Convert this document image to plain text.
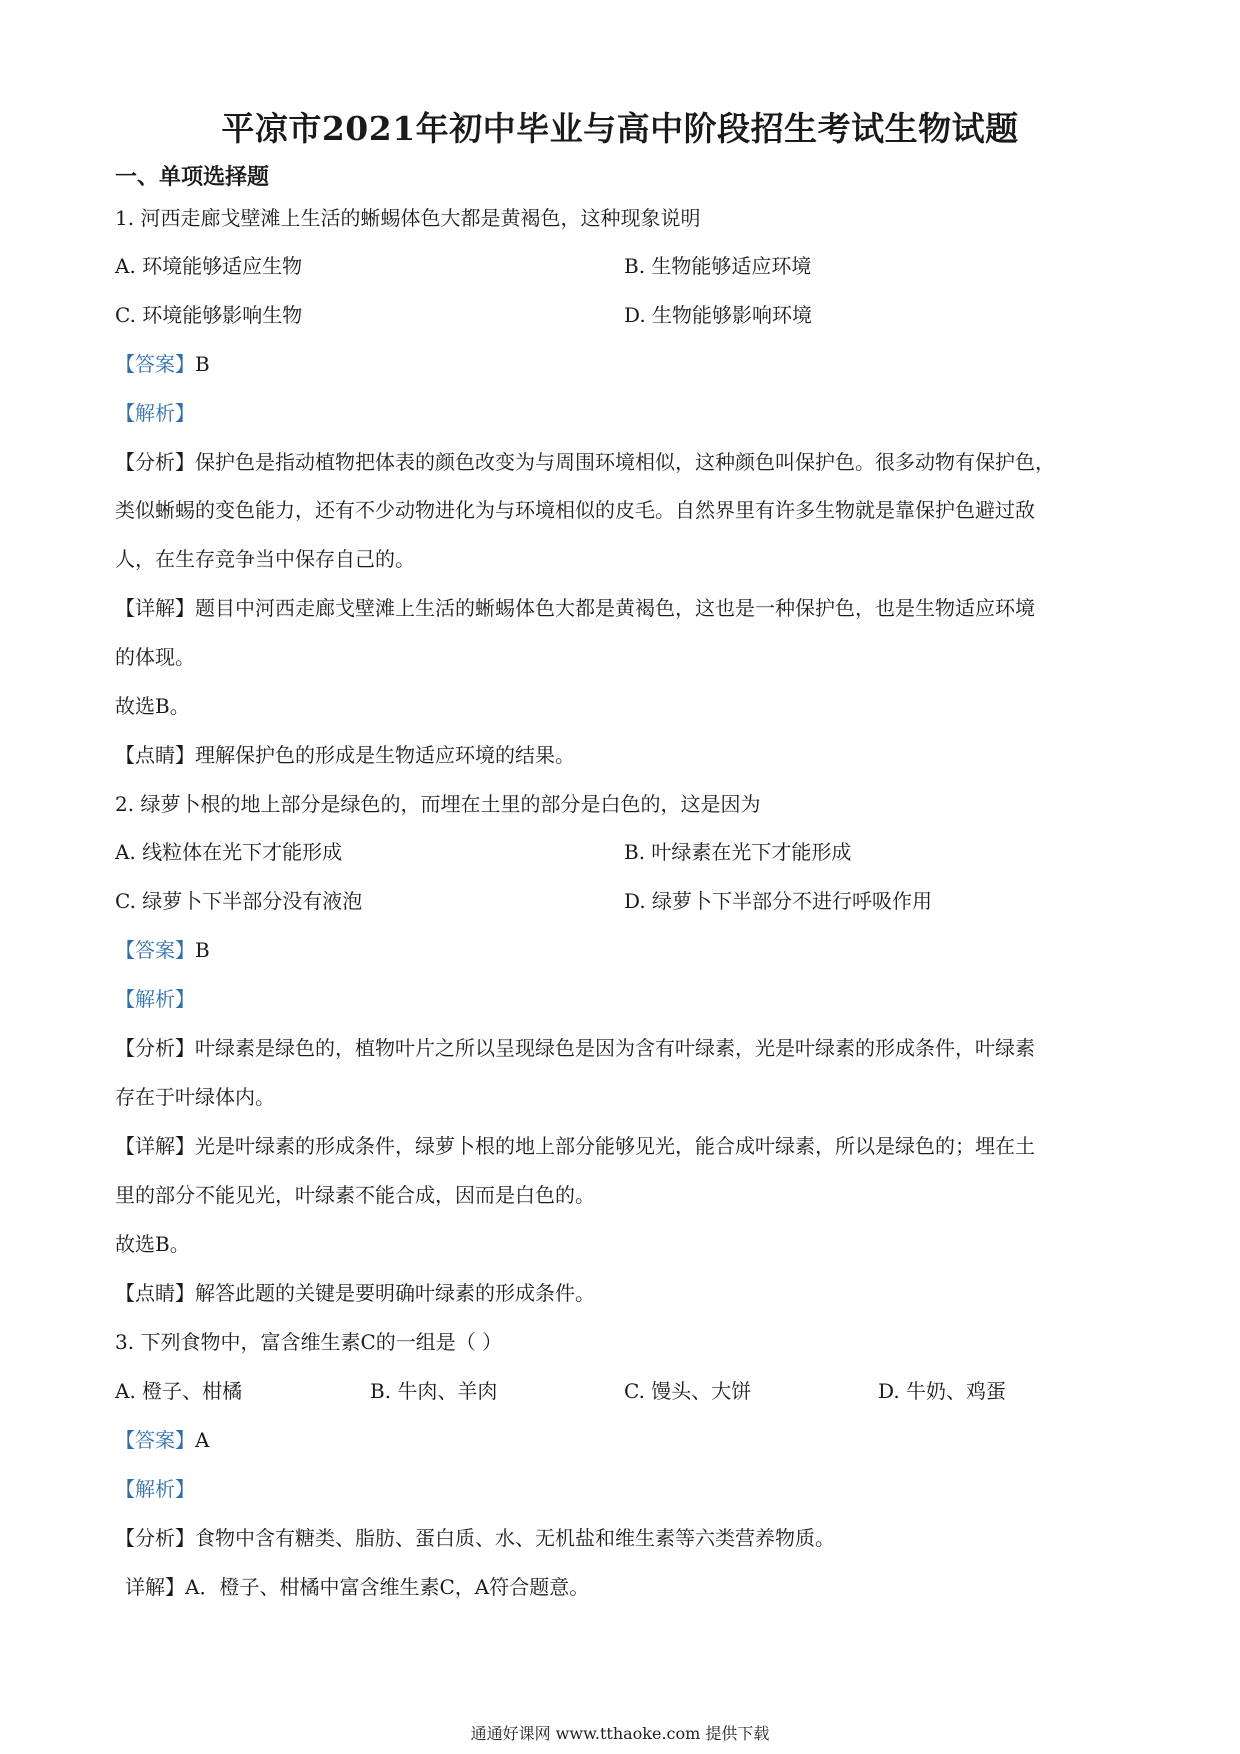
平凉市2021年初中毕业与高中阶段招生考试生物试题
一、单项选择题
1. 河西走廊戈壁滩上生活的蜥蜴体色大都是黄褐色，这种现象说明
A. 环境能够适应生物	B. 生物能够适应环境
C. 环境能够影响生物	D. 生物能够影响环境
【答案】B
【解析】
【分析】保护色是指动植物把体表的颜色改变为与周围环境相似，这种颜色叫保护色。很多动物有保护色，
类似蜥蜴的变色能力，还有不少动物进化为与环境相似的皮毛。自然界里有许多生物就是靠保护色避过敌
人，在生存竞争当中保存自己的。
【详解】题目中河西走廊戈壁滩上生活的蜥蜴体色大都是黄褐色，这也是一种保护色，也是生物适应环境
的体现。
故选B。
【点睛】理解保护色的形成是生物适应环境的结果。
2. 绿萝卜根的地上部分是绿色的，而埋在土里的部分是白色的，这是因为
A. 线粒体在光下才能形成	B. 叶绿素在光下才能形成
C. 绿萝卜下半部分没有液泡	D. 绿萝卜下半部分不进行呼吸作用
【答案】B
【解析】
【分析】叶绿素是绿色的，植物叶片之所以呈现绿色是因为含有叶绿素，光是叶绿素的形成条件，叶绿素
存在于叶绿体内。
【详解】光是叶绿素的形成条件，绿萝卜根的地上部分能够见光，能合成叶绿素，所以是绿色的；埋在土
里的部分不能见光，叶绿素不能合成，因而是白色的。
故选B。
【点睛】解答此题的关键是要明确叶绿素的形成条件。
3. 下列食物中，富含维生素C的一组是（ ）
A. 橙子、柑橘	B. 牛肉、羊肉	C. 馒头、大饼	D. 牛奶、鸡蛋
【答案】A
【解析】
【分析】食物中含有糖类、脂肪、蛋白质、水、无机盐和维生素等六类营养物质。
详解】A．橙子、柑橘中富含维生素C，A符合题意。
通通好课网 www.tthaoke.com 提供下载
